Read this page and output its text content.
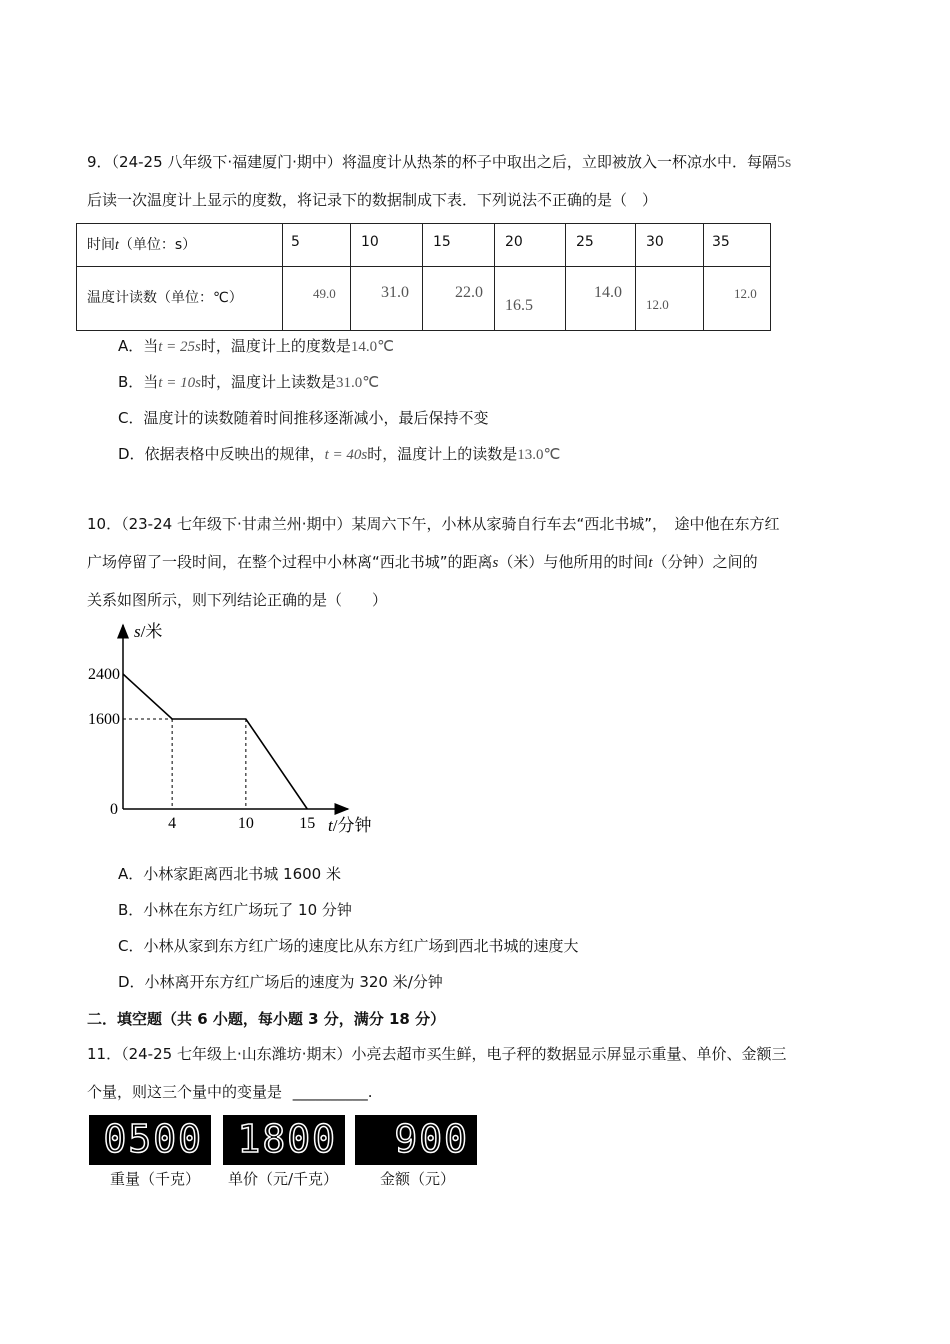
9．（24-25 八年级下·福建厦门·期中）将温度计从热茶的杯子中取出之后，立即被放入一杯凉水中．每隔5s
后读一次温度计上显示的度数，将记录下的数据制成下表．下列说法不正确的是（　）
时间t（单位：s）	5	10	15	20	25	30	35

温度计读数（单位：℃）	49.0	31.0	22.0	16.5	14.0	12.0	12.0
A．当t = 25s时，温度计上的度数是14.0℃
B．当t = 10s时，温度计上读数是31.0℃
C．温度计的读数随着时间推移逐渐减小，最后保持不变
D．依据表格中反映出的规律，t = 40s时，温度计上的读数是13.0℃
10．（23-24 七年级下·甘肃兰州·期中）某周六下午，小林从家骑自行车去“西北书城”，　途中他在东方红
广场停留了一段时间，在整个过程中小林离“西北书城”的距离s（米）与他所用的时间t（分钟）之间的
关系如图所示，则下列结论正确的是（　　）
2400
1600
4	10	15
s/米
t/分钟
0
A．小林家距离西北书城 1600 米
B．小林在东方红广场玩了 10 分钟
C．小林从家到东方红广场的速度比从东方红广场到西北书城的速度大
D．小林离开东方红广场后的速度为 320 米/分钟
二．填空题（共 6 小题，每小题 3 分，满分 18 分）
11．（24-25 七年级上·山东潍坊·期末）小亮去超市买生鲜，电子秤的数据显示屏显示重量、单价、金额三
个量，则这三个量中的变量是 __________.
0500 1800 900
重量（千克） 单价（元/千克）	金额（元）
